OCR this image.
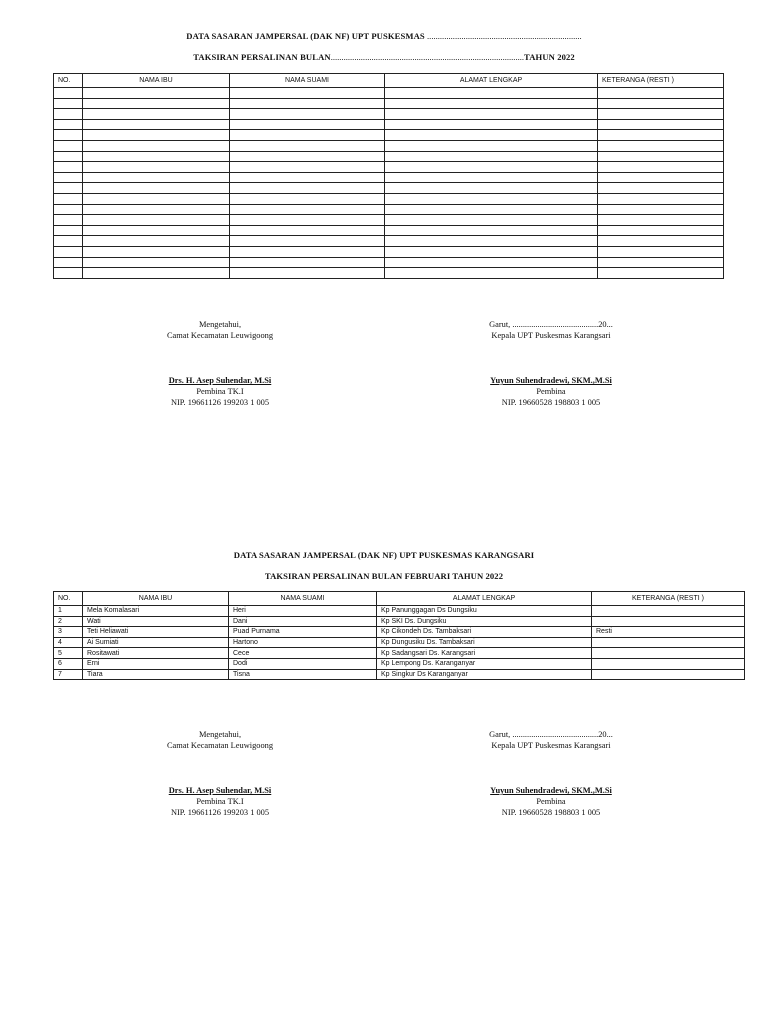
DATA SASARAN JAMPERSAL (DAK NF) UPT PUSKESMAS ........................................................................
TAKSIRAN PERSALINAN BULAN..........................................................................................TAHUN 2022
NO.	NAMA IBU	NAMA SUAMI	ALAMAT LENGKAP	KETERANGA (RESTI )

Mengetahui,
Camat Kecamatan Leuwigoong
Drs. H. Asep Suhendar, M.Si
Pembina TK.I
NIP. 19661126 199203 1 005
Garut, .........................................20...
Kepala UPT Puskesmas Karangsari
Yuyun Suhendradewi, SKM.,M.Si
Pembina
NIP. 19660528 198803 1 005
DATA SASARAN JAMPERSAL (DAK NF) UPT PUSKESMAS KARANGSARI
TAKSIRAN PERSALINAN BULAN FEBRUARI TAHUN 2022
NO.	NAMA IBU	NAMA SUAMI	ALAMAT LENGKAP	KETERANGA (RESTI )
1	Mela Komalasari	Heri	Kp Panunggagan Ds Dungsiku	
2	Wati	Dani	Kp SKI Ds. Dungsiku	
3	Teti Heliawati	Puad Purnama	Kp Cikondeh Ds. Tambaksari	Resti
4	Ai Sumiati	Hartono	Kp Dungusiku Ds. Tambaksari	
5	Rositawati	Cece	Kp Sadangsari Ds. Karangsari	
6	Erni	Dodi	Kp Lempong Ds. Karanganyar	
7	Tiara	Tisna	Kp Singkur Ds Karanganyar	
Mengetahui,
Camat Kecamatan Leuwigoong
Drs. H. Asep Suhendar, M.Si
Pembina TK.I
NIP. 19661126 199203 1 005
Garut, .........................................20...
Kepala UPT Puskesmas Karangsari
Yuyun Suhendradewi, SKM.,M.Si
Pembina
NIP. 19660528 198803 1 005
